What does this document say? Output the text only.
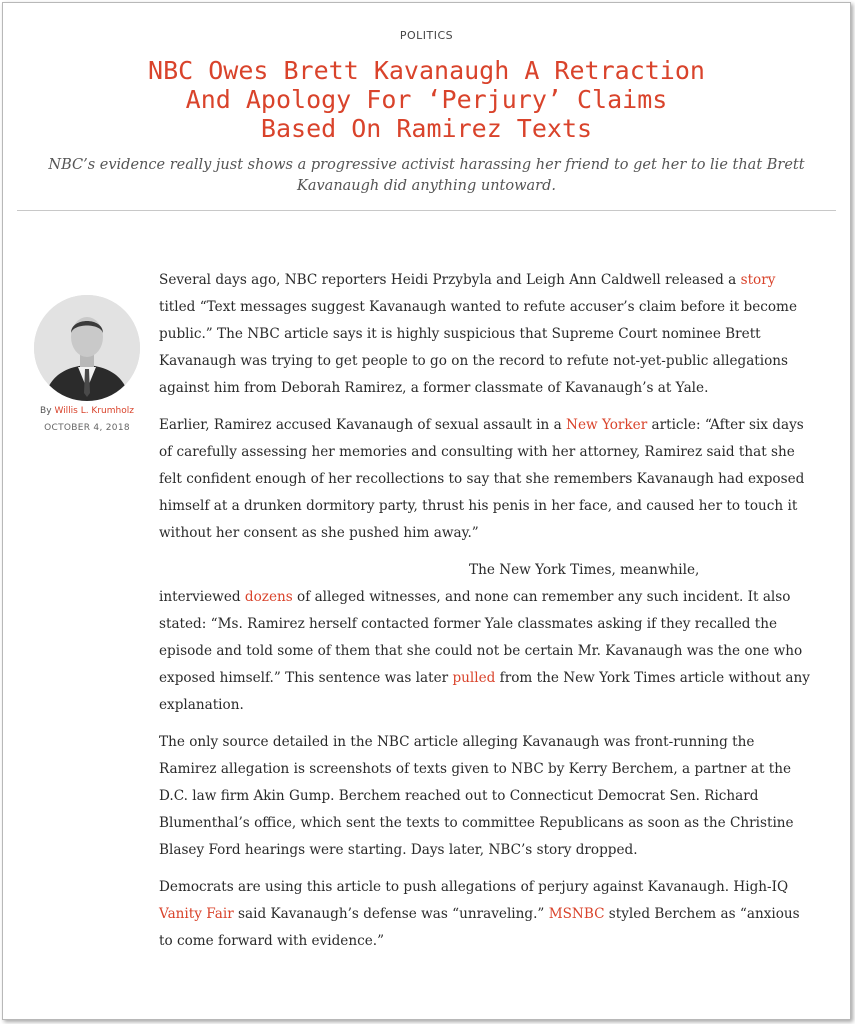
POLITICS
NBC Owes Brett Kavanaugh A Retraction And Apology For ‘Perjury’ Claims Based On Ramirez Texts
NBC’s evidence really just shows a progressive activist harassing her friend to get her to lie that Brett Kavanaugh did anything untoward.
By Willis L. Krumholz
OCTOBER 4, 2018

Several days ago, NBC reporters Heidi Przybyla and Leigh Ann Caldwell released a story titled “Text messages suggest Kavanaugh wanted to refute accuser’s claim before it become public.” The NBC article says it is highly suspicious that Supreme Court nominee Brett Kavanaugh was trying to get people to go on the record to refute not-yet-public allegations against him from Deborah Ramirez, a former classmate of Kavanaugh’s at Yale.

Earlier, Ramirez accused Kavanaugh of sexual assault in a New Yorker article: “After six days of carefully assessing her memories and consulting with her attorney, Ramirez said that she felt confident enough of her recollections to say that she remembers Kavanaugh had exposed himself at a drunken dormitory party, thrust his penis in her face, and caused her to touch it without her consent as she pushed him away.”

The New York Times, meanwhile,
interviewed dozens of alleged witnesses, and none can remember any such incident. It also stated: “Ms. Ramirez herself contacted former Yale classmates asking if they recalled the episode and told some of them that she could not be certain Mr. Kavanaugh was the one who exposed himself.” This sentence was later pulled from the New York Times article without any explanation.

The only source detailed in the NBC article alleging Kavanaugh was front-running the Ramirez allegation is screenshots of texts given to NBC by Kerry Berchem, a partner at the D.C. law firm Akin Gump. Berchem reached out to Connecticut Democrat Sen. Richard Blumenthal’s office, which sent the texts to committee Republicans as soon as the Christine Blasey Ford hearings were starting. Days later, NBC’s story dropped.

Democrats are using this article to push allegations of perjury against Kavanaugh. High-IQ Vanity Fair said Kavanaugh’s defense was “unraveling.” MSNBC styled Berchem as “anxious to come forward with evidence.”
